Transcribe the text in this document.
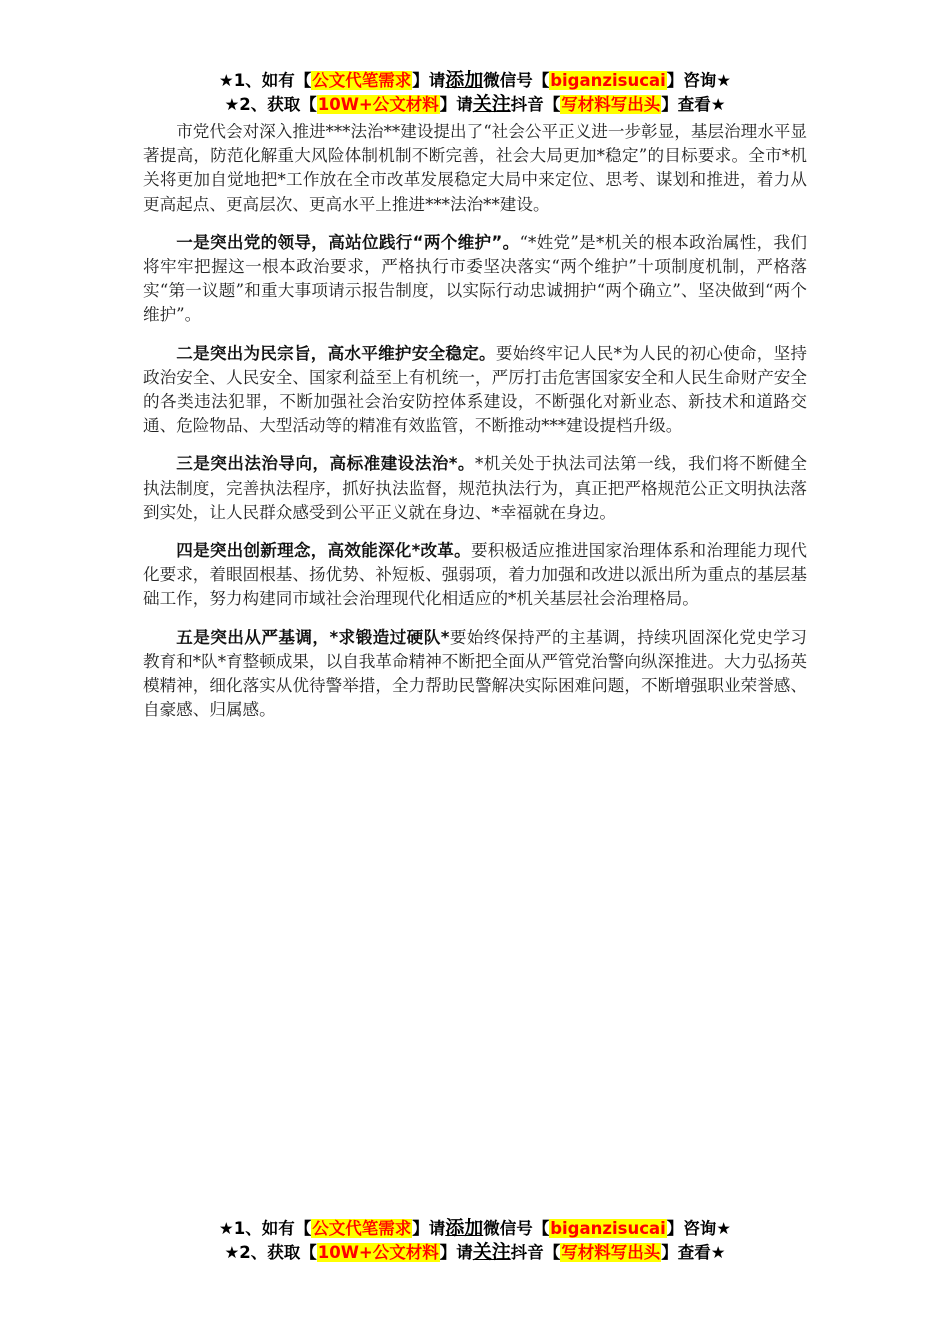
★1、如有【公文代笔需求】请添加微信号【biganzisucai】咨询★
★2、获取【10W+公文材料】请关注抖音【写材料写出头】查看★

市党代会对深入推进***法治**建设提出了“社会公平正义进一步彰显，基层治理水平显著提高，防范化解重大风险体制机制不断完善，社会大局更加*稳定”的目标要求。全市*机关将更加自觉地把*工作放在全市改革发展稳定大局中来定位、思考、谋划和推进，着力从更高起点、更高层次、更高水平上推进***法治**建设。

一是突出党的领导，高站位践行“两个维护”。“*姓党”是*机关的根本政治属性，我们将牢牢把握这一根本政治要求，严格执行市委坚决落实“两个维护”十项制度机制，严格落实“第一议题”和重大事项请示报告制度，以实际行动忠诚拥护“两个确立”、坚决做到“两个维护”。

二是突出为民宗旨，高水平维护安全稳定。要始终牢记人民*为人民的初心使命，坚持政治安全、人民安全、国家利益至上有机统一，严厉打击危害国家安全和人民生命财产安全的各类违法犯罪，不断加强社会治安防控体系建设，不断强化对新业态、新技术和道路交通、危险物品、大型活动等的精准有效监管，不断推动***建设提档升级。

三是突出法治导向，高标准建设法治*。*机关处于执法司法第一线，我们将不断健全执法制度，完善执法程序，抓好执法监督，规范执法行为，真正把严格规范公正文明执法落到实处，让人民群众感受到公平正义就在身边、*幸福就在身边。

四是突出创新理念，高效能深化*改革。要积极适应推进国家治理体系和治理能力现代化要求，着眼固根基、扬优势、补短板、强弱项，着力加强和改进以派出所为重点的基层基础工作，努力构建同市域社会治理现代化相适应的*机关基层社会治理格局。

五是突出从严基调，*求锻造过硬队*要始终保持严的主基调，持续巩固深化党史学习教育和*队*育整顿成果，以自我革命精神不断把全面从严管党治警向纵深推进。大力弘扬英模精神，细化落实从优待警举措，全力帮助民警解决实际困难问题，不断增强职业荣誉感、自豪感、归属感。

★1、如有【公文代笔需求】请添加微信号【biganzisucai】咨询★
★2、获取【10W+公文材料】请关注抖音【写材料写出头】查看★
